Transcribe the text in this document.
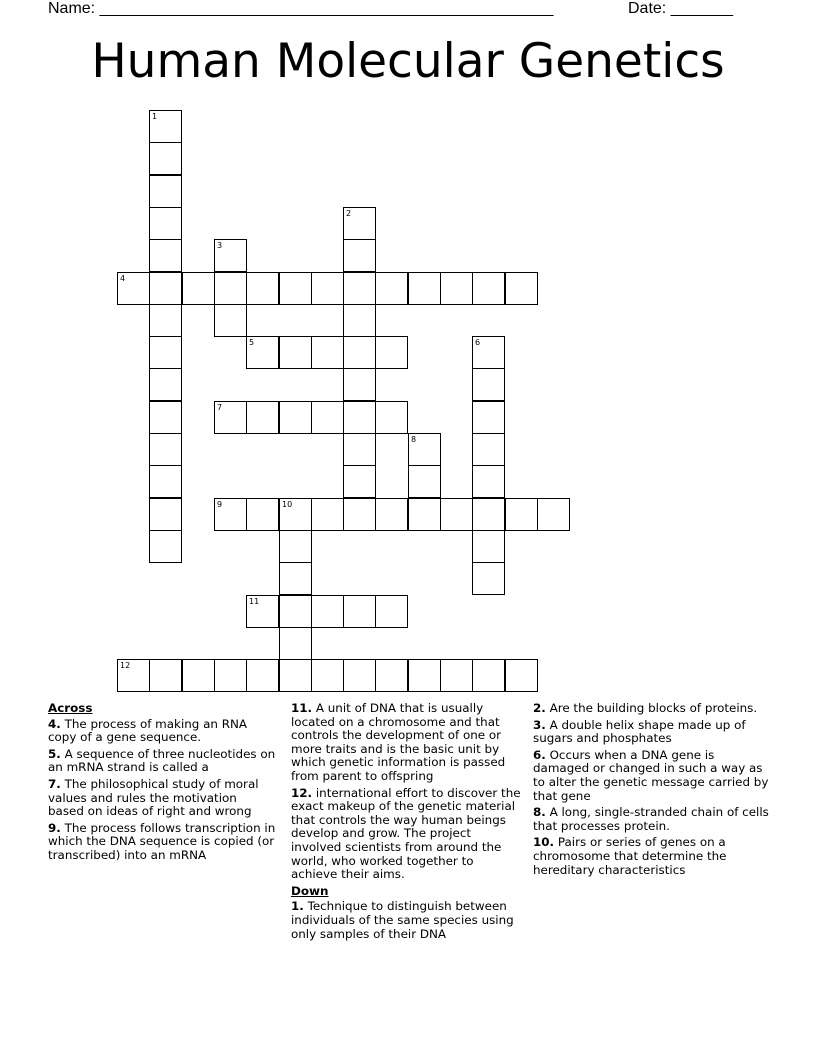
Name: ___________________________________________________	Date: _______
Human Molecular Genetics
4
5
7
9	10
11
12
1
2
3
6
8
Across
4. The process of making an RNA copy of a gene sequence.
5. A sequence of three nucleotides on an mRNA strand is called a
7. The philosophical study of moral values and rules the motivation based on ideas of right and wrong
9. The process follows transcription in which the DNA sequence is copied (or transcribed) into an mRNA
11. A unit of DNA that is usually located on a chromosome and that controls the development of one or more traits and is the basic unit by which genetic information is passed from parent to offspring
12. international effort to discover the exact makeup of the genetic material that controls the way human beings develop and grow. The project involved scientists from around the world, who worked together to achieve their aims.
Down
1. Technique to distinguish between individuals of the same species using only samples of their DNA
2. Are the building blocks of proteins.
3. A double helix shape made up of sugars and phosphates
6. Occurs when a DNA gene is damaged or changed in such a way as to alter the genetic message carried by that gene
8. A long, single-stranded chain of cells that processes protein.
10. Pairs or series of genes on a chromosome that determine the hereditary characteristics
